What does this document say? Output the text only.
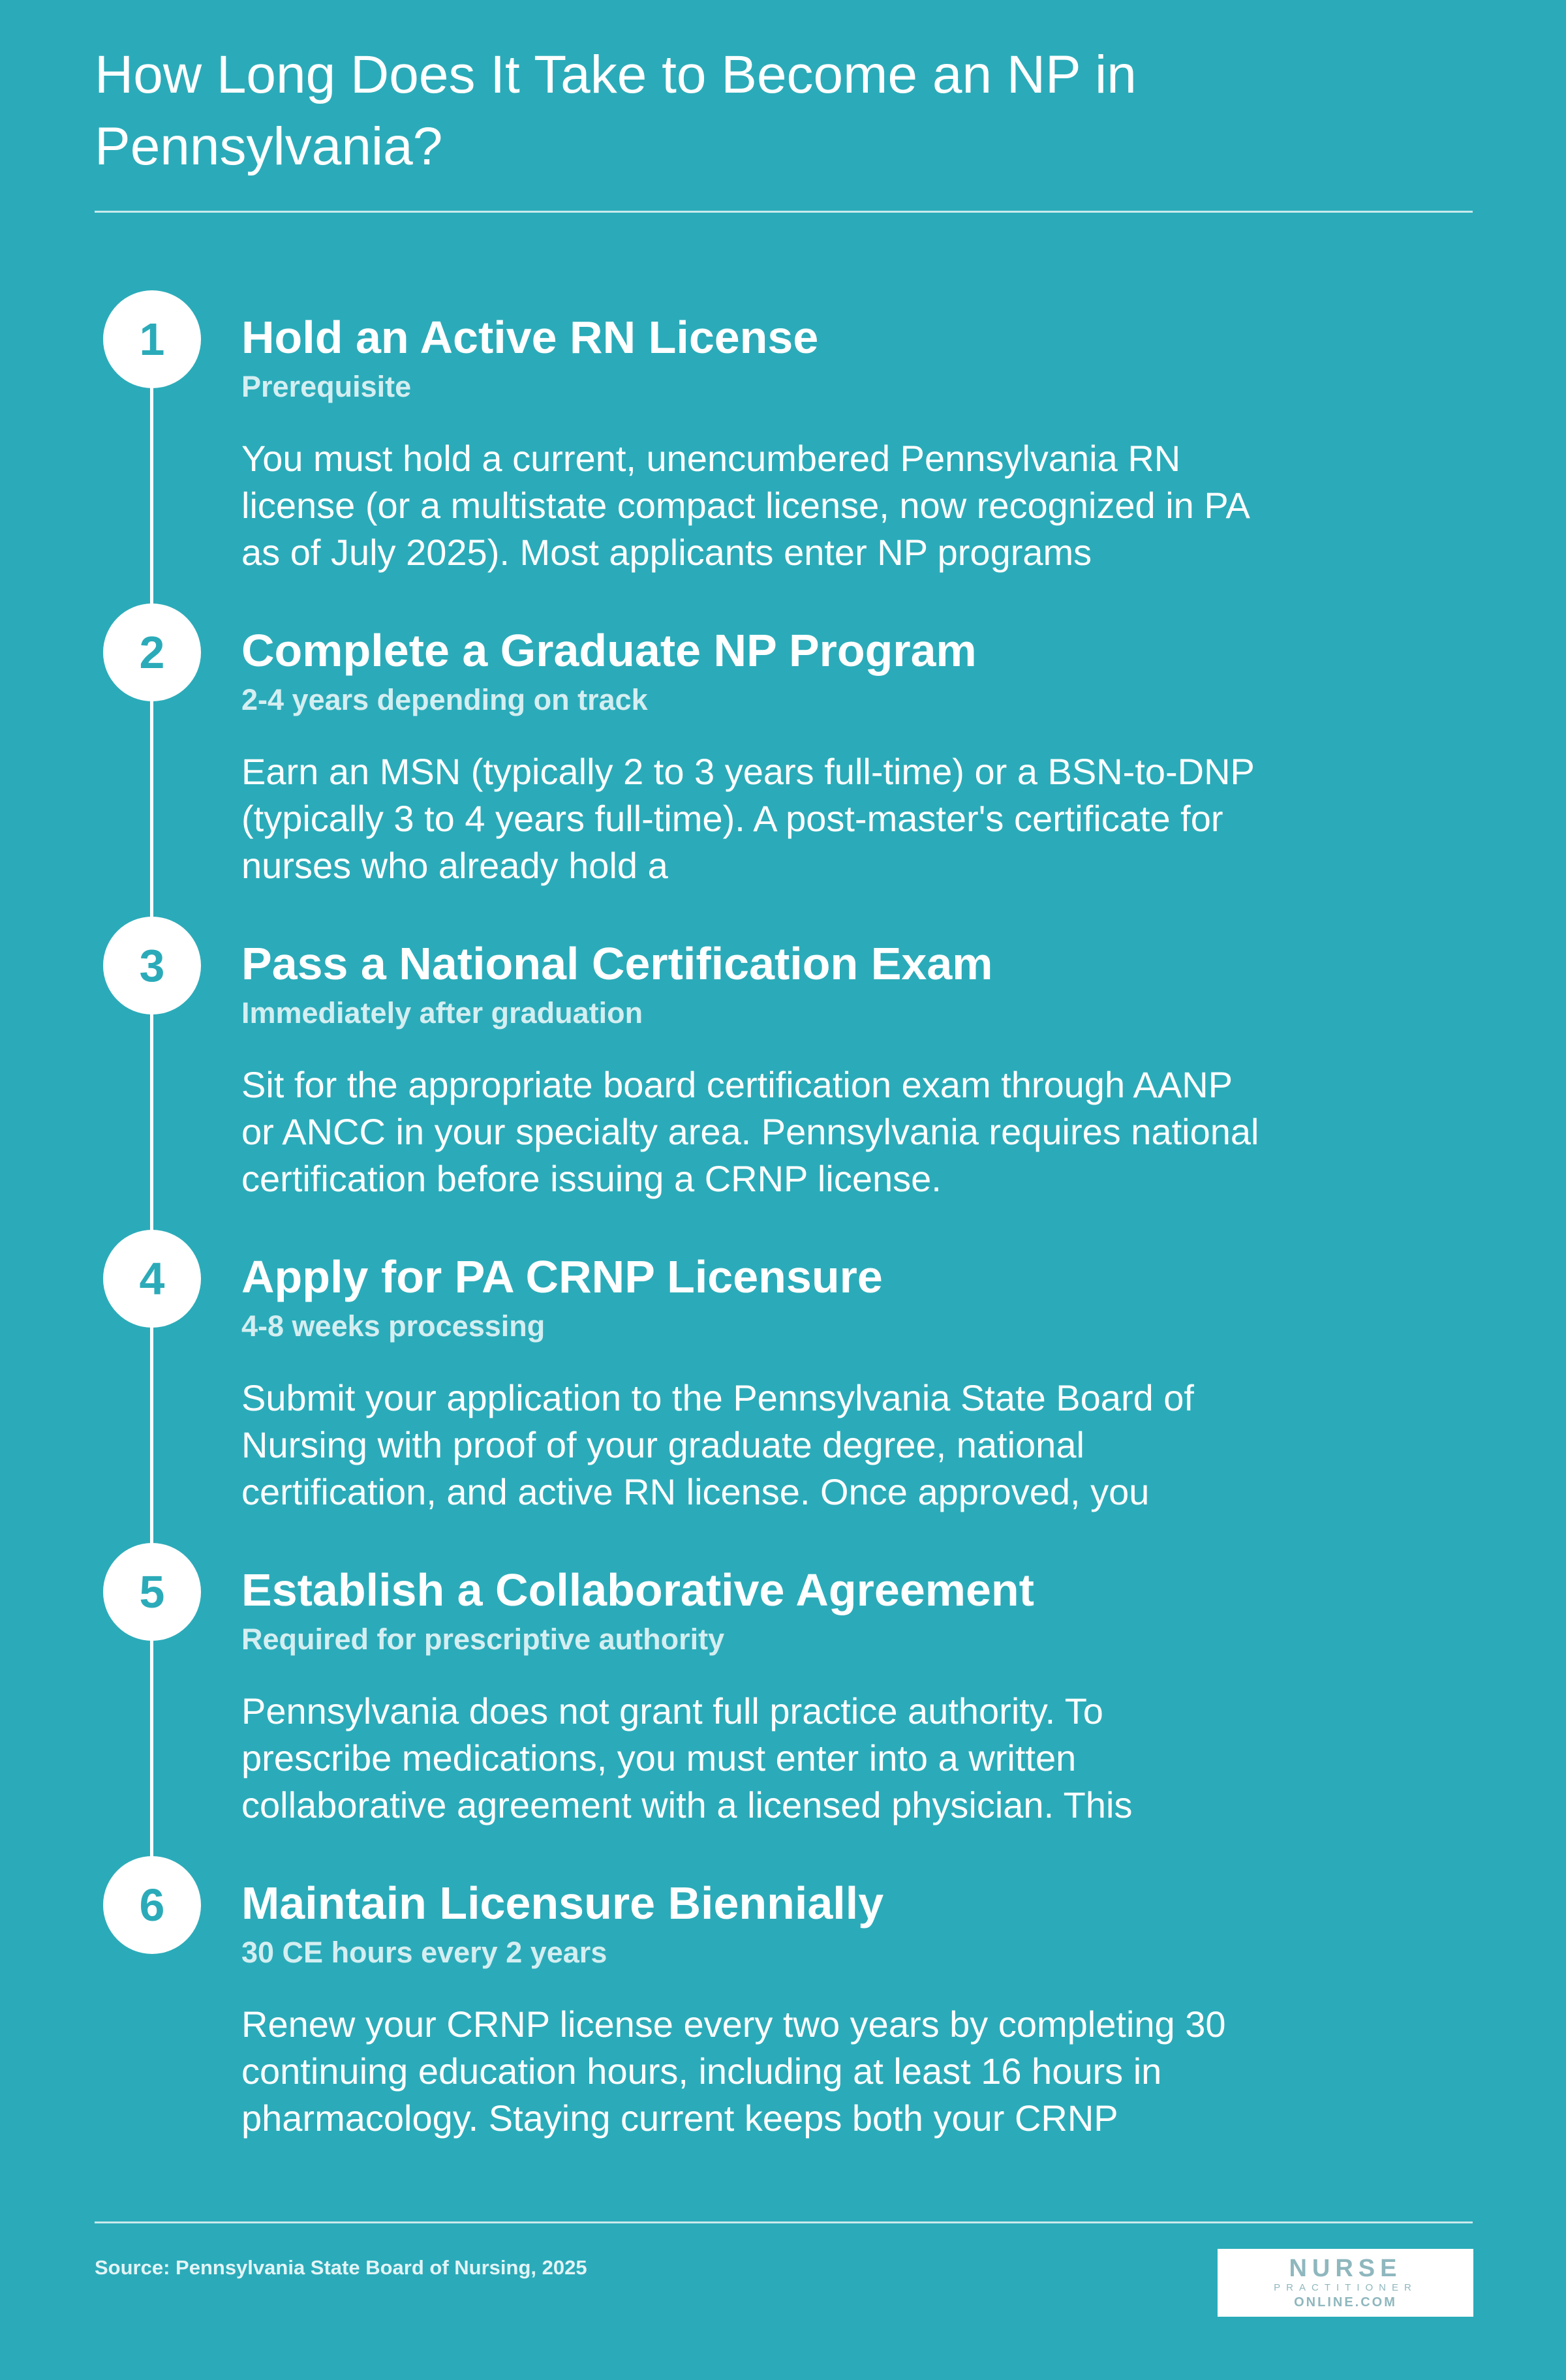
How Long Does It Take to Become an NP in Pennsylvania?
1	Hold an Active RN License
Prerequisite

You must hold a current, unencumbered Pennsylvania RN license (or a multistate compact license, now recognized in PA as of July 2025). Most applicants enter NP programs

2	Complete a Graduate NP Program
2-4 years depending on track

Earn an MSN (typically 2 to 3 years full-time) or a BSN-to-DNP (typically 3 to 4 years full-time). A post-master's certificate for nurses who already hold a

3	Pass a National Certification Exam
Immediately after graduation

Sit for the appropriate board certification exam through AANP or ANCC in your specialty area. Pennsylvania requires national certification before issuing a CRNP license.

4	Apply for PA CRNP Licensure
4-8 weeks processing

Submit your application to the Pennsylvania State Board of Nursing with proof of your graduate degree, national certification, and active RN license. Once approved, you

5	Establish a Collaborative Agreement
Required for prescriptive authority

Pennsylvania does not grant full practice authority. To prescribe medications, you must enter into a written collaborative agreement with a licensed physician. This

6	Maintain Licensure Biennially
30 CE hours every 2 years

Renew your CRNP license every two years by completing 30 continuing education hours, including at least 16 hours in pharmacology. Staying current keeps both your CRNP

Source: Pennsylvania State Board of Nursing, 2025	NURSE
PRACTITIONER
ONLINE.COM
